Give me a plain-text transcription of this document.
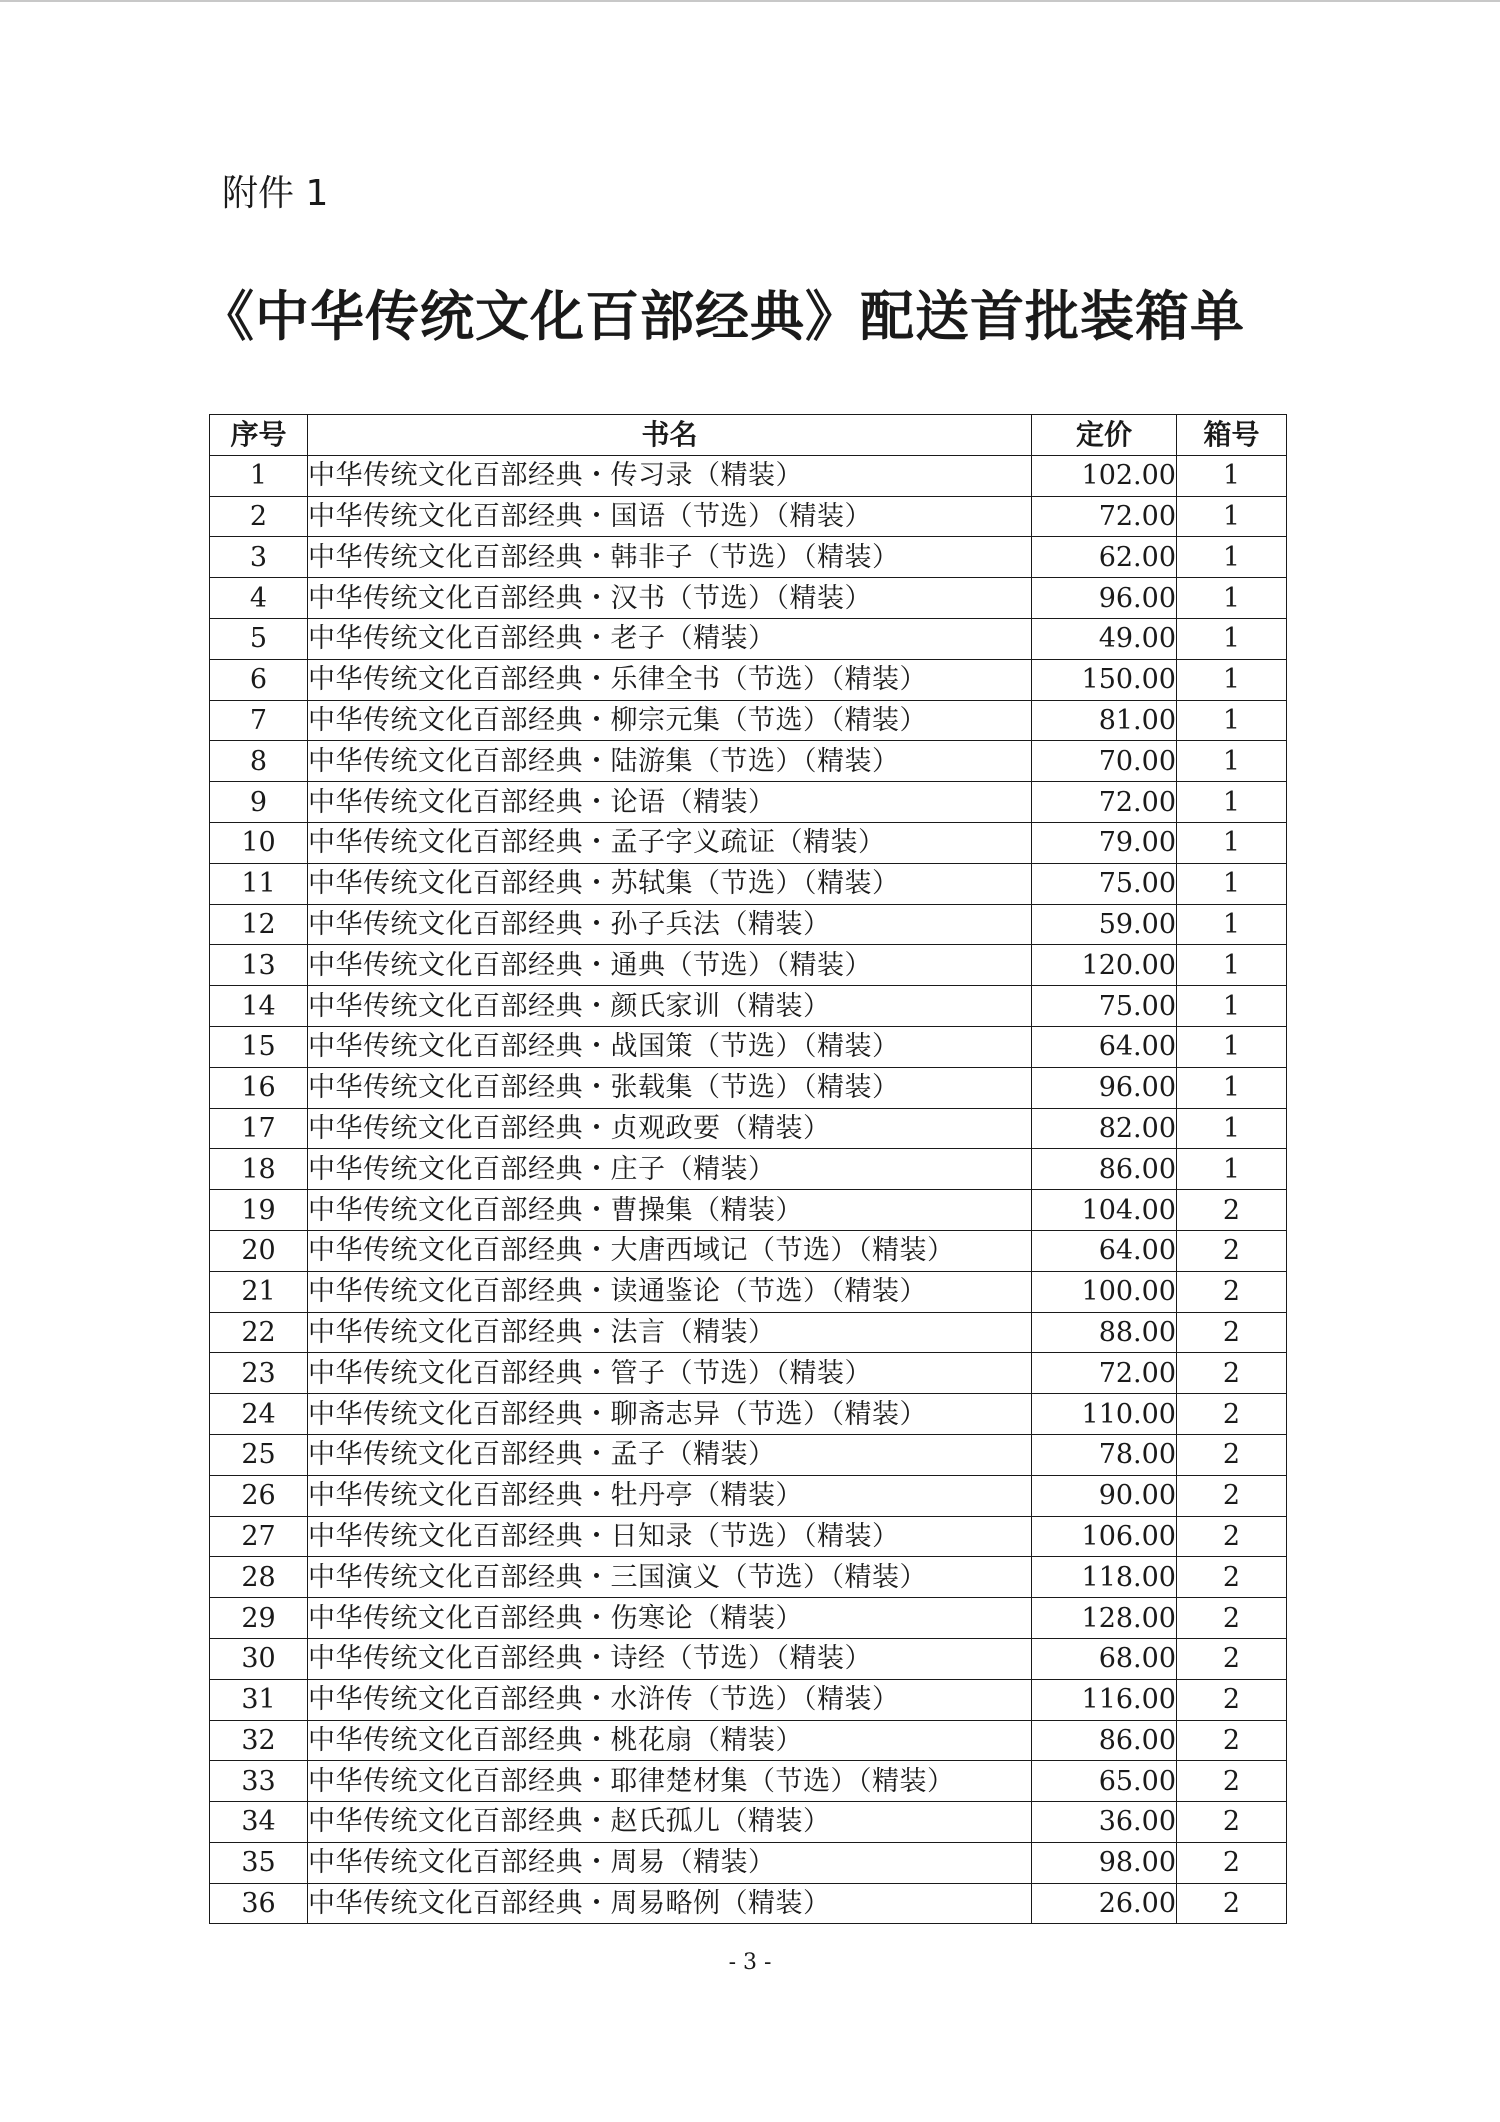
附件 1
《中华传统文化百部经典》配送首批装箱单
序号	书名	定价	箱号
1	中华传统文化百部经典・传习录（精装）	102.00	1
2	中华传统文化百部经典・国语（节选）（精装）	72.00	1
3	中华传统文化百部经典・韩非子（节选）（精装）	62.00	1
4	中华传统文化百部经典・汉书（节选）（精装）	96.00	1
5	中华传统文化百部经典・老子（精装）	49.00	1
6	中华传统文化百部经典・乐律全书（节选）（精装）	150.00	1
7	中华传统文化百部经典・柳宗元集（节选）（精装）	81.00	1
8	中华传统文化百部经典・陆游集（节选）（精装）	70.00	1
9	中华传统文化百部经典・论语（精装）	72.00	1
10	中华传统文化百部经典・孟子字义疏证（精装）	79.00	1
11	中华传统文化百部经典・苏轼集（节选）（精装）	75.00	1
12	中华传统文化百部经典・孙子兵法（精装）	59.00	1
13	中华传统文化百部经典・通典（节选）（精装）	120.00	1
14	中华传统文化百部经典・颜氏家训（精装）	75.00	1
15	中华传统文化百部经典・战国策（节选）（精装）	64.00	1
16	中华传统文化百部经典・张载集（节选）（精装）	96.00	1
17	中华传统文化百部经典・贞观政要（精装）	82.00	1
18	中华传统文化百部经典・庄子（精装）	86.00	1
19	中华传统文化百部经典・曹操集（精装）	104.00	2
20	中华传统文化百部经典・大唐西域记（节选）（精装）	64.00	2
21	中华传统文化百部经典・读通鉴论（节选）（精装）	100.00	2
22	中华传统文化百部经典・法言（精装）	88.00	2
23	中华传统文化百部经典・管子（节选）（精装）	72.00	2
24	中华传统文化百部经典・聊斋志异（节选）（精装）	110.00	2
25	中华传统文化百部经典・孟子（精装）	78.00	2
26	中华传统文化百部经典・牡丹亭（精装）	90.00	2
27	中华传统文化百部经典・日知录（节选）（精装）	106.00	2
28	中华传统文化百部经典・三国演义（节选）（精装）	118.00	2
29	中华传统文化百部经典・伤寒论（精装）	128.00	2
30	中华传统文化百部经典・诗经（节选）（精装）	68.00	2
31	中华传统文化百部经典・水浒传（节选）（精装）	116.00	2
32	中华传统文化百部经典・桃花扇（精装）	86.00	2
33	中华传统文化百部经典・耶律楚材集（节选）（精装）	65.00	2
34	中华传统文化百部经典・赵氏孤儿（精装）	36.00	2
35	中华传统文化百部经典・周易（精装）	98.00	2
36	中华传统文化百部经典・周易略例（精装）	26.00	2
- 3 -
